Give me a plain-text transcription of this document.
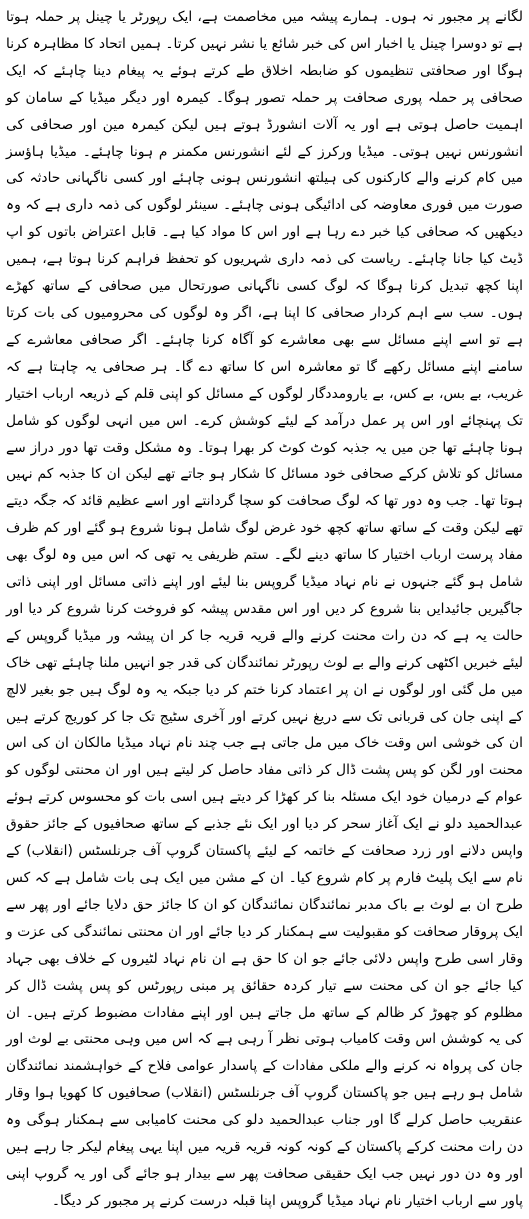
لگانے پر مجبور نہ ہوں۔ ہمارے پیشہ میں مخاصمت ہے، ایک رپورٹر یا چینل پر حملہ ہوتا ہے تو دوسرا چینل یا اخبار اس کی خبر شائع یا نشر نہیں کرتا۔ ہمیں اتحاد کا مظاہرہ کرنا ہوگا اور صحافتی تنظیموں کو ضابطہ اخلاق طے کرتے ہوئے یہ پیغام دینا چاہئے کہ ایک صحافی پر حملہ پوری صحافت پر حملہ تصور ہوگا۔ کیمرہ اور دیگر میڈیا کے سامان کو اہمیت حاصل ہوتی ہے اور یہ آلات انشورڈ ہوتے ہیں لیکن کیمرہ مین اور صحافی کی انشورنس نہیں ہوتی۔ میڈیا ورکرز کے لئے انشورنس مکمنر م ہونا چاہئے۔ میڈیا ہاؤسز میں کام کرنے والے کارکنوں کی ہیلتھ انشورنس ہونی چاہئے اور کسی ناگہانی حادثہ کی صورت میں فوری معاوضہ کی ادائیگی ہونی چاہئے۔ سینئر لوگوں کی ذمہ داری ہے کہ وہ دیکھیں کہ صحافی کیا خبر دے رہا ہے اور اس کا مواد کیا ہے۔ قابل اعتراض باتوں کو اپ ڈیٹ کیا جانا چاہئے۔ ریاست کی ذمہ داری شہریوں کو تحفظ فراہم کرنا ہوتا ہے، ہمیں اپنا کچھ تبدیل کرنا ہوگا کہ لوگ کسی ناگہانی صورتحال میں صحافی کے ساتھ کھڑے ہوں۔ سب سے اہم کردار صحافی کا اپنا ہے، اگر وہ لوگوں کی محرومیوں کی بات کرتا ہے تو اسے اپنے مسائل سے بھی معاشرے کو آگاہ کرنا چاہئے۔ اگر صحافی معاشرے کے سامنے اپنے مسائل رکھے گا تو معاشرہ اس کا ساتھ دے گا۔ ہر صحافی یہ چاہتا ہے کہ غریب، بے بس، بے کس، بے یارومددگار لوگوں کے مسائل کو اپنی قلم کے ذریعہ ارباب اختیار تک پہنچائے اور اس پر عمل درآمد کے لیئے کوشش کرے۔ اس میں انہی لوگوں کو شامل ہونا چاہئے تھا جن میں یہ جذبہ کوٹ کوٹ کر بھرا ہوتا۔ وہ مشکل وقت تھا دور دراز سے مسائل کو تلاش کرکے صحافی خود مسائل کا شکار ہو جاتے تھے لیکن ان کا جذبہ کم نہیں ہوتا تھا۔ جب وہ دور تھا کہ لوگ صحافت کو سچا گردانتے اور اسے عظیم قائد کہ جگہ دیتے تھے لیکن وقت کے ساتھ ساتھ کچھ خود غرض لوگ شامل ہونا شروع ہو گئے اور کم ظرف مفاد پرست ارباب اختیار کا ساتھ دینے لگے۔ ستم ظریفی یہ تھی کہ اس میں وہ لوگ بھی شامل ہو گئے جنہوں نے نام نہاد میڈیا گروپس بنا لیئے اور اپنے ذاتی مسائل اور اپنی ذاتی جاگیریں جائیدایں بنا شروع کر دیں اور اس مقدس پیشہ کو فروخت کرنا شروع کر دیا اور حالت یہ ہے کہ دن رات محنت کرنے والے قریہ قریہ جا کر ان پیشہ ور میڈیا گروپس کے لیئے خبریں اکٹھی کرنے والے بے لوث رپورٹر نمائندگان کی قدر جو انہیں ملنا چاہئے تھی خاک میں مل گئی اور لوگوں نے ان پر اعتماد کرنا ختم کر دیا جبکہ یہ وہ لوگ ہیں جو بغیر لالچ کے اپنی جان کی قربانی تک سے دریغ نہیں کرتے اور آخری سٹیج تک جا کر کوریج کرتے ہیں ان کی خوشی اس وقت خاک میں مل جاتی ہے جب چند نام نہاد میڈیا مالکان ان کی اس محنت اور لگن کو پس پشت ڈال کر ذاتی مفاد حاصل کر لیتے ہیں اور ان محنتی لوگوں کو عوام کے درمیان خود ایک مسئلہ بنا کر کھڑا کر دیتے ہیں اسی بات کو محسوس کرتے ہوئے عبدالحمید دلو نے ایک آغاز سحر کر دیا اور ایک نئے جذبے کے ساتھ صحافیوں کے جائز حقوق واپس دلانے اور زرد صحافت کے خاتمہ کے لیئے پاکستان گروپ آف جرنلسٹس (انقلاب) کے نام سے ایک پلیٹ فارم پر کام شروع کیا۔ ان کے مشن میں ایک ہی بات شامل ہے کہ کس طرح ان بے لوث بے باک مدبر نمائندگان نمائندگان کو ان کا جائز حق دلایا جائے اور پھر سے ایک پروقار صحافت کو مقبولیت سے ہمکنار کر دیا جائے اور ان محنتی نمائندگی کی عزت و وقار اسی طرح واپس دلائی جائے جو ان کا حق ہے ان نام نہاد لٹیروں کے خلاف بھی جہاد کیا جائے جو ان کی محنت سے تیار کردہ حقائق پر مبنی رپورٹس کو پس پشت ڈال کر مظلوم کو چھوڑ کر ظالم کے ساتھ مل جاتے ہیں اور اپنے مفادات مضبوط کرتے ہیں۔ ان کی یہ کوشش اس وقت کامیاب ہوتی نظر آ رہی ہے کہ اس میں وہی محنتی بے لوث اور جان کی پرواہ نہ کرنے والے ملکی مفادات کے پاسدار عوامی فلاح کے خواہشمند نمائندگان شامل ہو رہے ہیں جو پاکستان گروپ آف جرنلسٹس (انقلاب) صحافیوں کا کھویا ہوا وقار عنقریب حاصل کرلے گا اور جناب عبدالحمید دلو کی محنت کامیابی سے ہمکنار ہوگی وہ دن رات محنت کرکے پاکستان کے کونہ کونہ قریہ قریہ میں اپنا یہی پیغام لیکر جا رہے ہیں اور وہ دن دور نہیں جب ایک حقیقی صحافت پھر سے بیدار ہو جائے گی اور یہ گروپ اپنی پاور سے ارباب اختیار نام نہاد میڈیا گروپس اپنا قبلہ درست کرنے پر مجبور کر دیگا۔
